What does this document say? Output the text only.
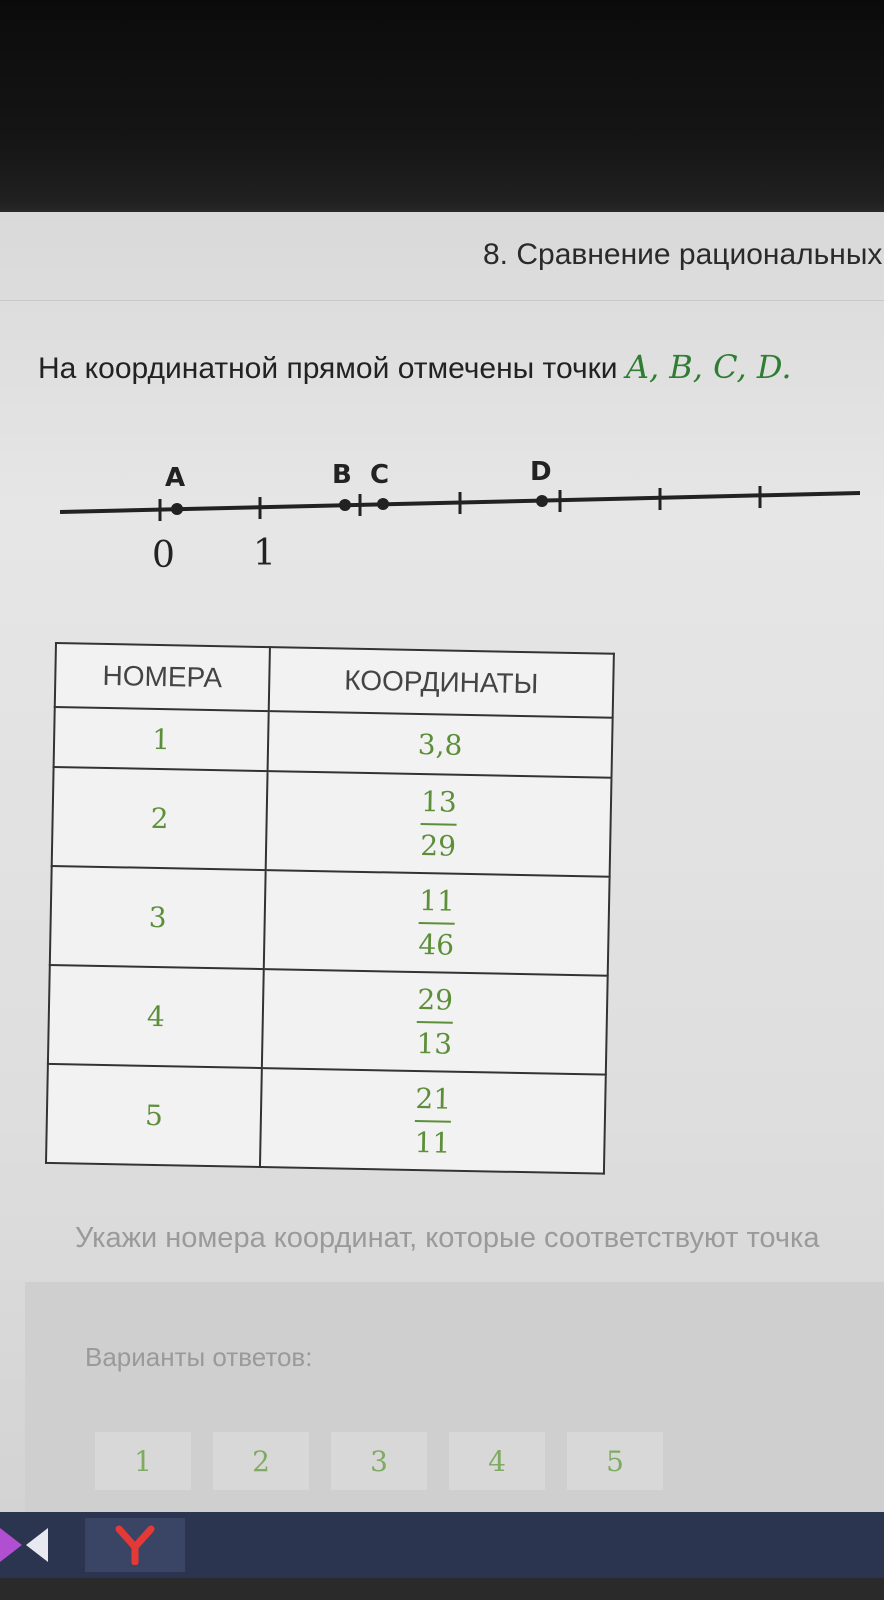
8. Сравнение рациональных
На координатной прямой отмечены точки A, B, C, D.
A	B C	D
0 1
НОМЕРА	КООРДИНАТЫ
1	3,8
2	$\frac{13}{29}$

3	$\frac{11}{46}$

4	$\frac{29}{13}$

5	$\frac{21}{11}$
Укажи номера координат, которые соответствуют точка
Варианты ответов:
1	2	3	4	5
